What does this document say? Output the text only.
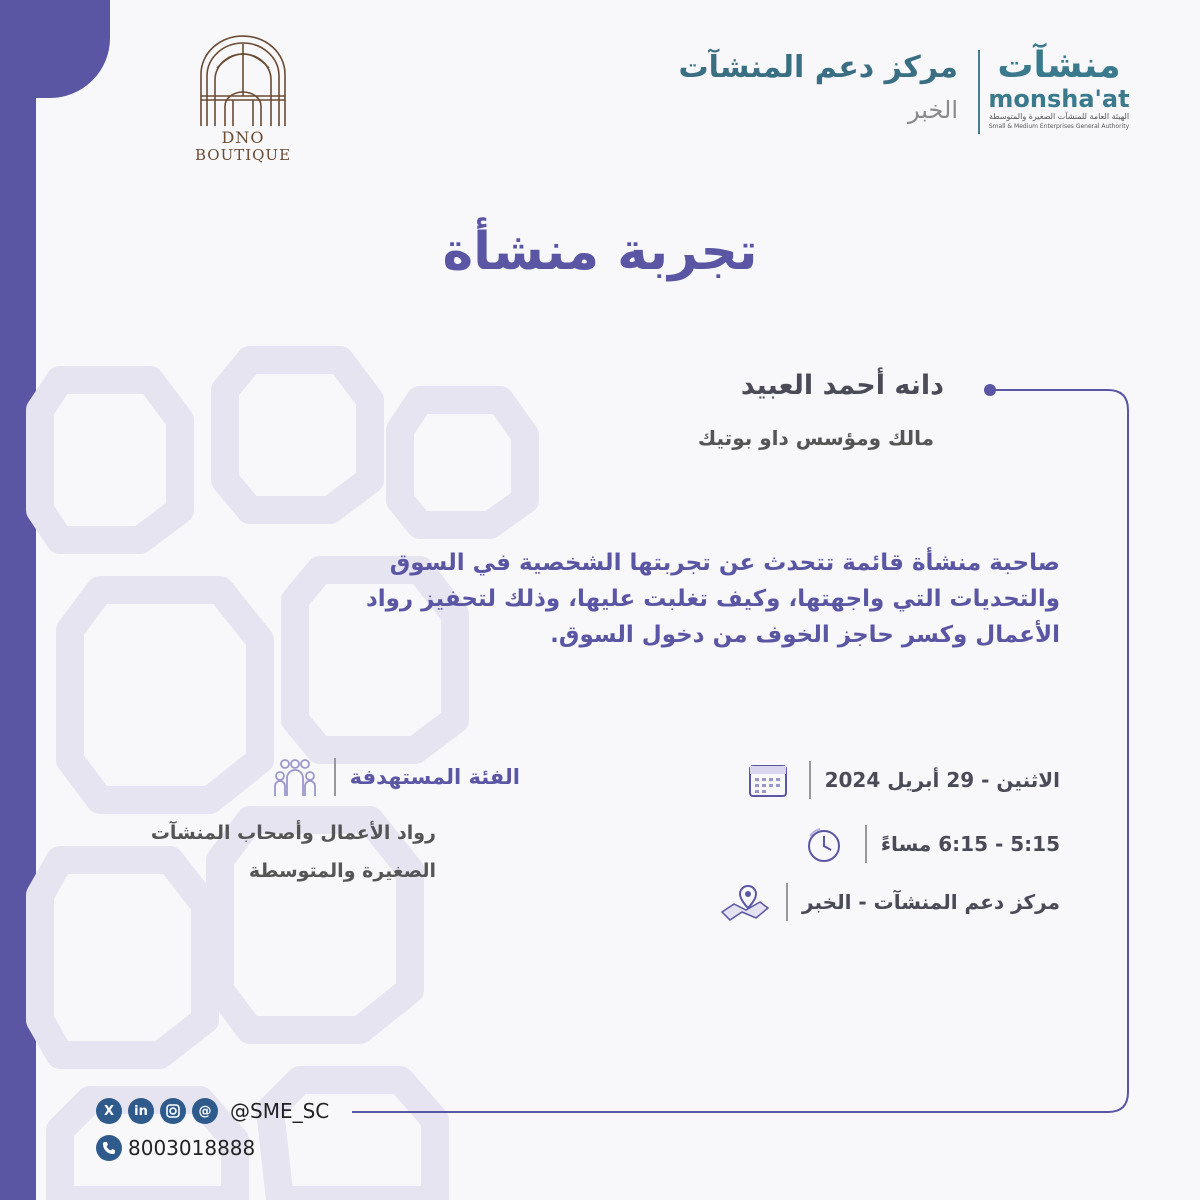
DNO
BOUTIQUE
مركز دعم المنشآت
الخبر
منشآت
monsha'at
الهيئة العامة للمنشآت الصغيرة والمتوسطة
Small & Medium Enterprises General Authority
تجربة منشأة
دانه أحمد العبيد
مالك ومؤسس داو بوتيك
صاحبة منشأة قائمة تتحدث عن تجربتها الشخصية في السوق والتحديات التي واجهتها، وكيف تغلبت عليها، وذلك لتحفيز رواد الأعمال وكسر حاجز الخوف من دخول السوق.
الاثنين - 29 أبريل 2024
5:15 - 6:15 مساءً
مركز دعم المنشآت - الخبر
الفئة المستهدفة
رواد الأعمال وأصحاب المنشآت الصغيرة والمتوسطة
X	in	@ @SME_SC
8003018888
